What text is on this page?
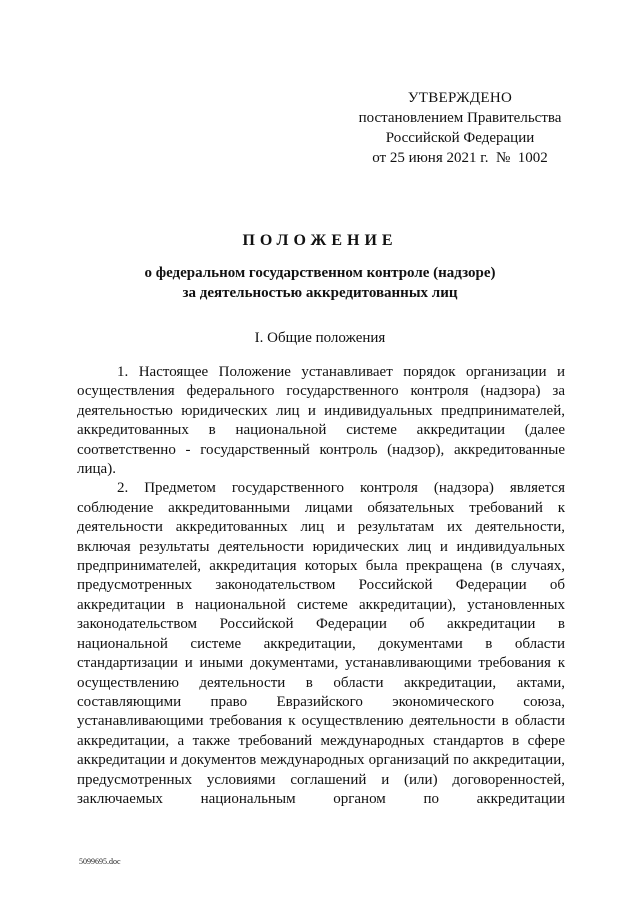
УТВЕРЖДЕНО
постановлением Правительства
Российской Федерации
от 25 июня 2021 г.  №  1002
ПОЛОЖЕНИЕ
о федеральном государственном контроле (надзоре)
за деятельностью аккредитованных лиц
I. Общие положения

1. Настоящее Положение устанавливает порядок организации и осуществления федерального государственного контроля (надзора) за деятельностью юридических лиц и индивидуальных предпринимателей, аккредитованных в национальной системе аккредитации (далее соответственно - государственный контроль (надзор), аккредитованные лица).

2. Предметом государственного контроля (надзора) является соблюдение аккредитованными лицами обязательных требований к деятельности аккредитованных лиц и результатам их деятельности, включая результаты деятельности юридических лиц и индивидуальных предпринимателей, аккредитация которых была прекращена (в случаях, предусмотренных законодательством Российской Федерации об аккредитации в национальной системе аккредитации), установленных законодательством Российской Федерации об аккредитации в национальной системе аккредитации, документами в области стандартизации и иными документами, устанавливающими требования к осуществлению деятельности в области аккредитации, актами, составляющими право Евразийского экономического союза, устанавливающими требования к осуществлению деятельности в области аккредитации, а также требований международных стандартов в сфере аккредитации и документов международных организаций по аккредитации, предусмотренных условиями соглашений и (или) договоренностей, заключаемых национальным органом по аккредитации

5099695.doc
